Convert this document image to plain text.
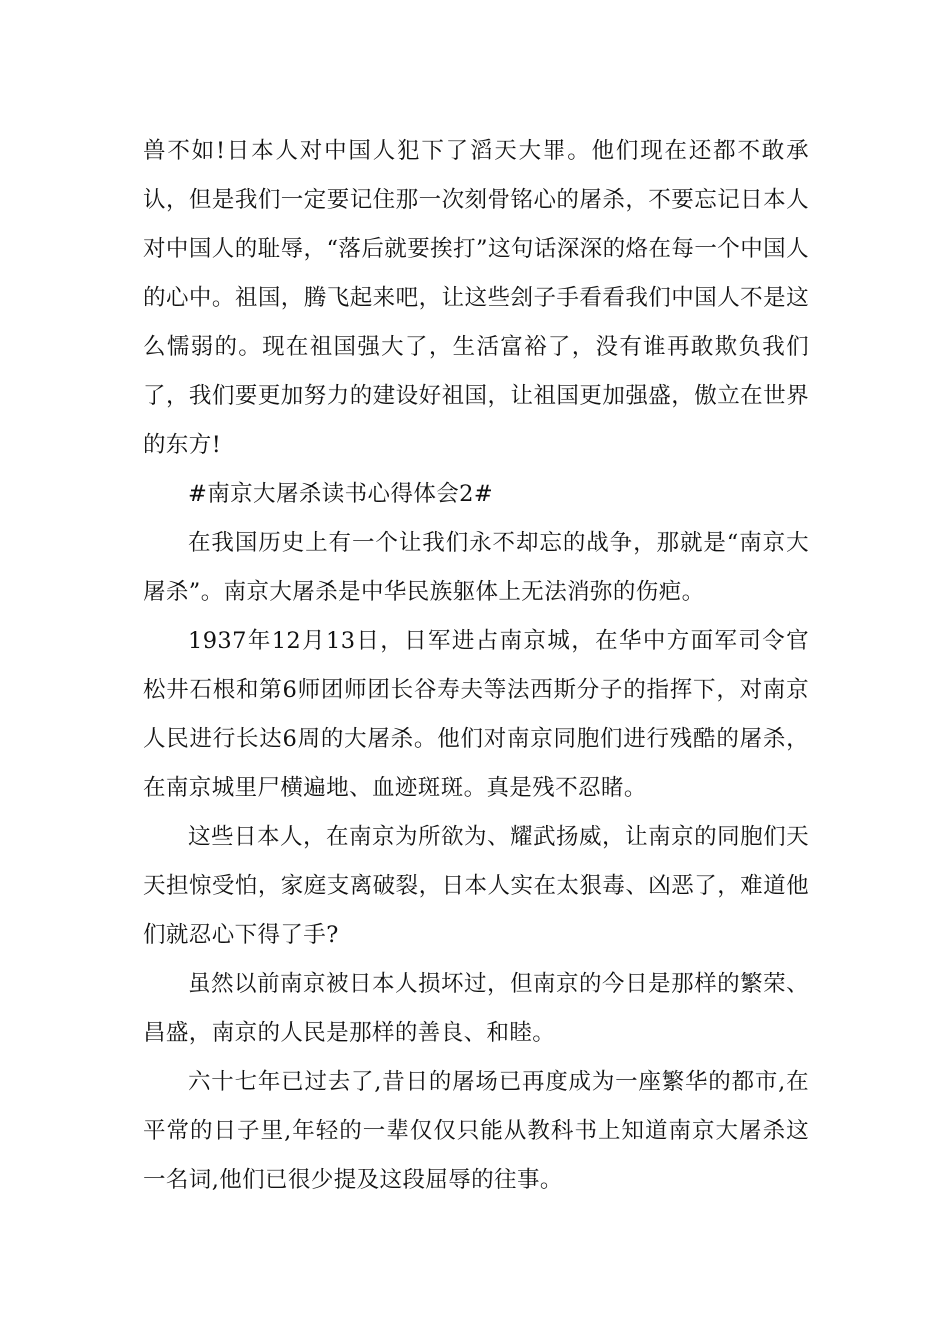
兽不如!日本人对中国人犯下了滔天大罪。他们现在还都不敢承认，但是我们一定要记住那一次刻骨铭心的屠杀，不要忘记日本人对中国人的耻辱，“落后就要挨打”这句话深深的烙在每一个中国人的心中。祖国，腾飞起来吧，让这些刽子手看看我们中国人不是这么懦弱的。现在祖国强大了，生活富裕了，没有谁再敢欺负我们了，我们要更加努力的建设好祖国，让祖国更加强盛，傲立在世界的东方!

#南京大屠杀读书心得体会2#

在我国历史上有一个让我们永不却忘的战争，那就是“南京大屠杀”。南京大屠杀是中华民族躯体上无法消弥的伤疤。

1937年12月13日，日军进占南京城，在华中方面军司令官松井石根和第6师团师团长谷寿夫等法西斯分子的指挥下，对南京人民进行长达6周的大屠杀。他们对南京同胞们进行残酷的屠杀，在南京城里尸横遍地、血迹斑斑。真是残不忍睹。

这些日本人，在南京为所欲为、耀武扬威，让南京的同胞们天天担惊受怕，家庭支离破裂，日本人实在太狠毒、凶恶了，难道他们就忍心下得了手?

虽然以前南京被日本人损坏过，但南京的今日是那样的繁荣、昌盛，南京的人民是那样的善良、和睦。

六十七年已过去了,昔日的屠场已再度成为一座繁华的都市,在平常的日子里,年轻的一辈仅仅只能从教科书上知道南京大屠杀这一名词,他们已很少提及这段屈辱的往事。
